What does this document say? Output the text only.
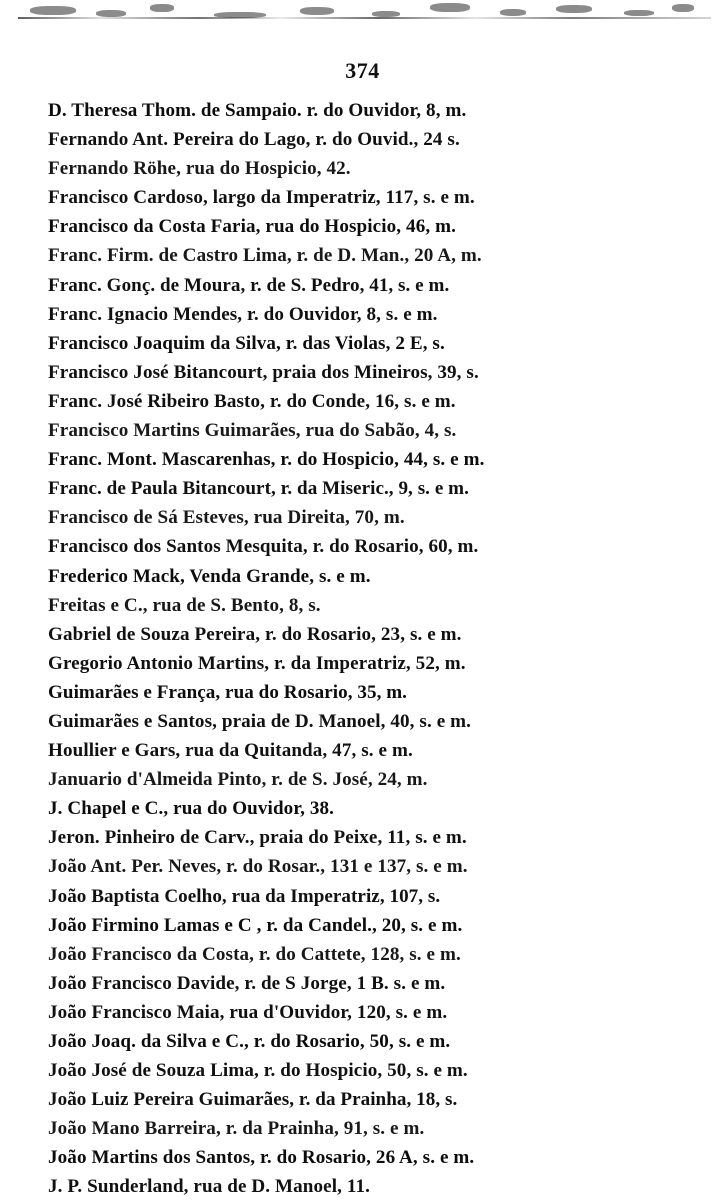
374
D. Theresa Thom. de Sampaio. r. do Ouvidor, 8, m.
Fernando Ant. Pereira do Lago, r. do Ouvid., 24 s.
Fernando Röhe, rua do Hospicio, 42.
Francisco Cardoso, largo da Imperatriz, 117, s. e m.
Francisco da Costa Faria, rua do Hospicio, 46, m.
Franc. Firm. de Castro Lima, r. de D. Man., 20 A, m.
Franc. Gonç. de Moura, r. de S. Pedro, 41, s. e m.
Franc. Ignacio Mendes, r. do Ouvidor, 8, s. e m.
Francisco Joaquim da Silva, r. das Violas, 2 E, s.
Francisco José Bitancourt, praia dos Mineiros, 39, s.
Franc. José Ribeiro Basto, r. do Conde, 16, s. e m.
Francisco Martins Guimarães, rua do Sabão, 4, s.
Franc. Mont. Mascarenhas, r. do Hospicio, 44, s. e m.
Franc. de Paula Bitancourt, r. da Miseric., 9, s. e m.
Francisco de Sá Esteves, rua Direita, 70, m.
Francisco dos Santos Mesquita, r. do Rosario, 60, m.
Frederico Mack, Venda Grande, s. e m.
Freitas e C., rua de S. Bento, 8, s.
Gabriel de Souza Pereira, r. do Rosario, 23, s. e m.
Gregorio Antonio Martins, r. da Imperatriz, 52, m.
Guimarães e França, rua do Rosario, 35, m.
Guimarães e Santos, praia de D. Manoel, 40, s. e m.
Houllier e Gars, rua da Quitanda, 47, s. e m.
Januario d'Almeida Pinto, r. de S. José, 24, m.
J. Chapel e C., rua do Ouvidor, 38.
Jeron. Pinheiro de Carv., praia do Peixe, 11, s. e m.
João Ant. Per. Neves, r. do Rosar., 131 e 137, s. e m.
João Baptista Coelho, rua da Imperatriz, 107, s.
João Firmino Lamas e C , r. da Candel., 20, s. e m.
João Francisco da Costa, r. do Cattete, 128, s. e m.
João Francisco Davide, r. de S Jorge, 1 B. s. e m.
João Francisco Maia, rua d'Ouvidor, 120, s. e m.
João Joaq. da Silva e C., r. do Rosario, 50, s. e m.
João José de Souza Lima, r. do Hospicio, 50, s. e m.
João Luiz Pereira Guimarães, r. da Prainha, 18, s.
João Mano Barreira, r. da Prainha, 91, s. e m.
João Martins dos Santos, r. do Rosario, 26 A, s. e m.
J. P. Sunderland, rua de D. Manoel, 11.
